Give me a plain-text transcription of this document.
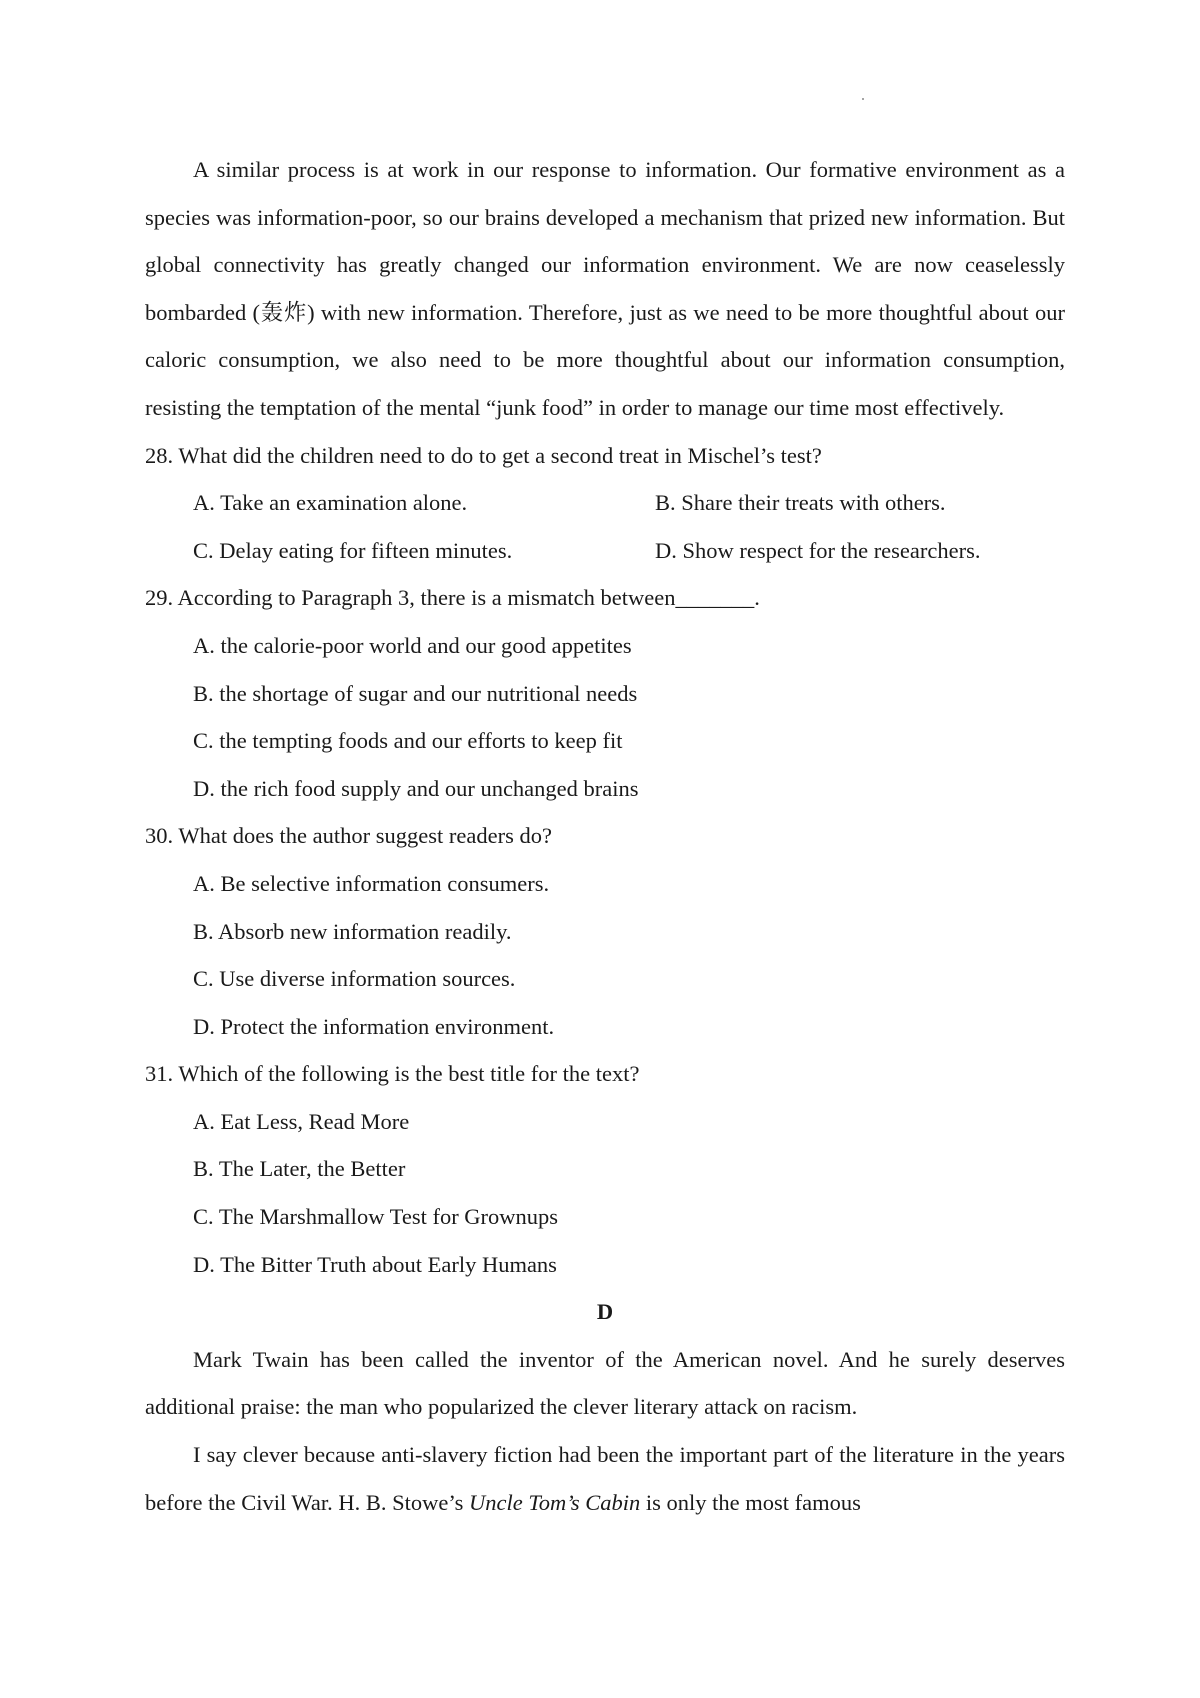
A similar process is at work in our response to information. Our formative environment as a species was information-poor, so our brains developed a mechanism that prized new information. But global connectivity has greatly changed our information environment. We are now ceaselessly bombarded (轰炸) with new information. Therefore, just as we need to be more thoughtful about our caloric consumption, we also need to be more thoughtful about our information consumption, resisting the temptation of the mental “junk food” in order to manage our time most effectively.

28. What did the children need to do to get a second treat in Mischel’s test?

A. Take an examination alone.	B. Share their treats with others.
C. Delay eating for fifteen minutes.	D. Show respect for the researchers.

29. According to Paragraph 3, there is a mismatch between_______.

A. the calorie-poor world and our good appetites

B. the shortage of sugar and our nutritional needs

C. the tempting foods and our efforts to keep fit

D. the rich food supply and our unchanged brains

30. What does the author suggest readers do?

A. Be selective information consumers.

B. Absorb new information readily.

C. Use diverse information sources.

D. Protect the information environment.

31. Which of the following is the best title for the text?

A. Eat Less, Read More

B. The Later, the Better

C. The Marshmallow Test for Grownups

D. The Bitter Truth about Early Humans

D

Mark Twain has been called the inventor of the American novel. And he surely deserves additional praise: the man who popularized the clever literary attack on racism.

I say clever because anti-slavery fiction had been the important part of the literature in the years before the Civil War. H. B. Stowe’s Uncle Tom’s Cabin is only the most famous
